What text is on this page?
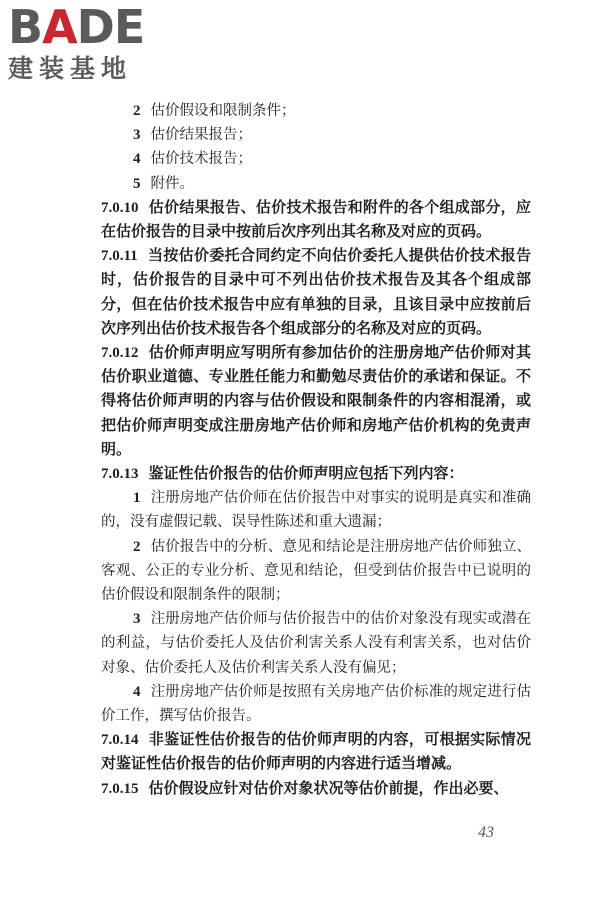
BADE
建装基地

2 估价假设和限制条件；

3 估价结果报告；

4 估价技术报告；

5 附件。

7.0.10 估价结果报告、估价技术报告和附件的各个组成部分，应在估价报告的目录中按前后次序列出其名称及对应的页码。

7.0.11 当按估价委托合同约定不向估价委托人提供估价技术报告时，估价报告的目录中可不列出估价技术报告及其各个组成部分，但在估价技术报告中应有单独的目录，且该目录中应按前后次序列出估价技术报告各个组成部分的名称及对应的页码。

7.0.12 估价师声明应写明所有参加估价的注册房地产估价师对其估价职业道德、专业胜任能力和勤勉尽责估价的承诺和保证。不得将估价师声明的内容与估价假设和限制条件的内容相混淆，或把估价师声明变成注册房地产估价师和房地产估价机构的免责声明。

7.0.13 鉴证性估价报告的估价师声明应包括下列内容：

1 注册房地产估价师在估价报告中对事实的说明是真实和准确的，没有虚假记载、误导性陈述和重大遗漏；

2 估价报告中的分析、意见和结论是注册房地产估价师独立、客观、公正的专业分析、意见和结论，但受到估价报告中已说明的估价假设和限制条件的限制；

3 注册房地产估价师与估价报告中的估价对象没有现实或潜在的利益，与估价委托人及估价利害关系人没有利害关系，也对估价对象、估价委托人及估价利害关系人没有偏见；

4 注册房地产估价师是按照有关房地产估价标准的规定进行估价工作，撰写估价报告。

7.0.14 非鉴证性估价报告的估价师声明的内容，可根据实际情况对鉴证性估价报告的估价师声明的内容进行适当增减。

7.0.15 估价假设应针对估价对象状况等估价前提，作出必要、

43
